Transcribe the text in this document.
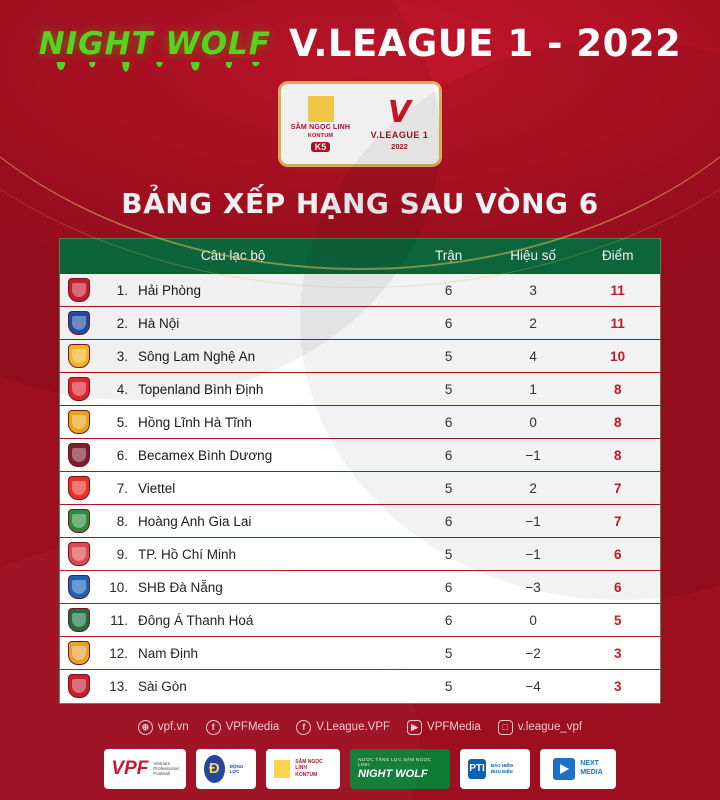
NIGHT WOLF V.LEAGUE 1 - 2022
SÂM NGỌC LINH
KONTUM
K5
V
V.LEAGUE 1
2022
BẢNG XẾP HẠNG SAU VÒNG 6
Câu lạc bộ	Trận	Hiệu số	Điểm

1. Hải Phòng	6	3	11

2. Hà Nội	6	2	11

3. Sông Lam Nghệ An	5	4	10

4. Topenland Bình Định	5	1	8

5. Hồng Lĩnh Hà Tĩnh	6	0	8

6. Becamex Bình Dương	6	−1	8

7. Viettel	5	2	7

8. Hoàng Anh Gia Lai	6	−1	7

9. TP. Hồ Chí Minh	5	−1	6

10. SHB Đà Nẵng	6	−3	6

11. Đông Á Thanh Hoá	6	0	5

12. Nam Định	5	−2	3

13. Sài Gòn	5	−4	3
⊕ vpf.vn	f VPFMedia	f V.League.VPF	▶ VPFMedia	□ v.league_vpf
VPF Vietnam Professional Football	Đ	ĐỘNG LỰC
SÂM NGỌC LINH
KONTUM
NƯỚC TĂNG LỰC SÂM NGỌC LINH
NIGHT WOLF	PTI BẢO HIỂM BƯU ĐIỆN
NEXT
MEDIA
